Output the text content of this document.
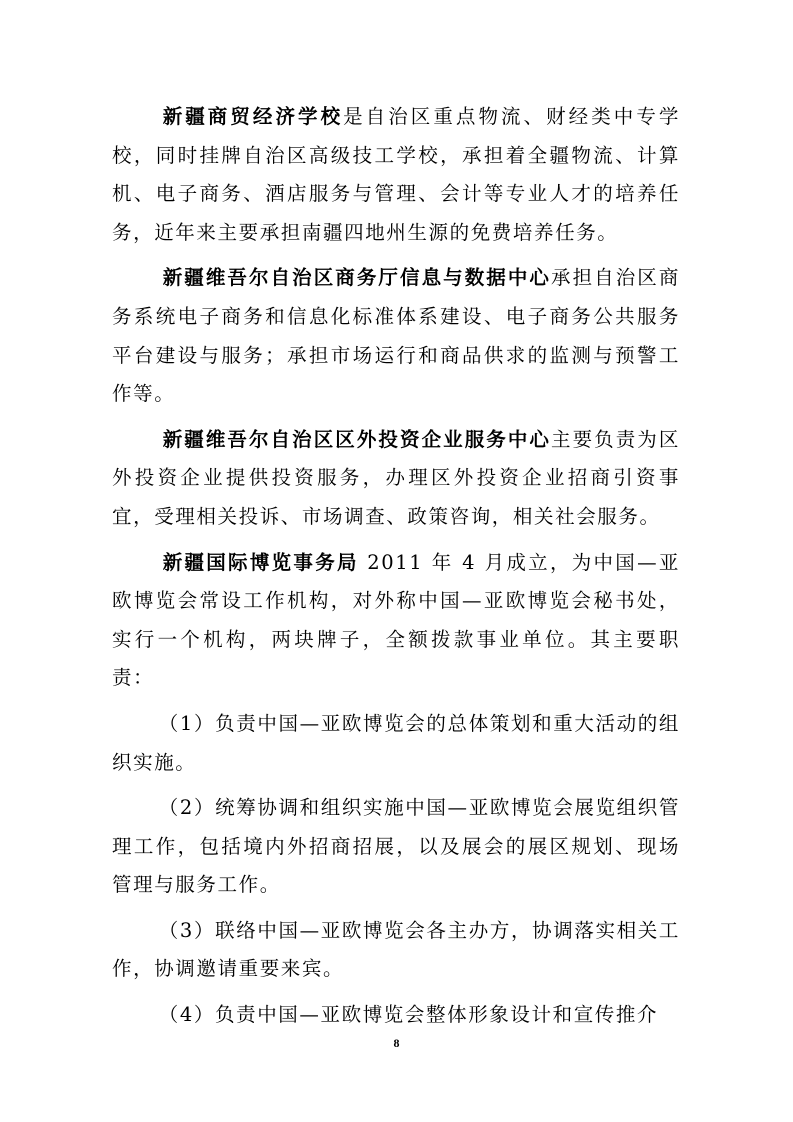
新疆商贸经济学校是自治区重点物流、财经类中专学校，同时挂牌自治区高级技工学校，承担着全疆物流、计算机、电子商务、酒店服务与管理、会计等专业人才的培养任务，近年来主要承担南疆四地州生源的免费培养任务。

新疆维吾尔自治区商务厅信息与数据中心承担自治区商务系统电子商务和信息化标准体系建设、电子商务公共服务平台建设与服务；承担市场运行和商品供求的监测与预警工作等。

新疆维吾尔自治区区外投资企业服务中心主要负责为区外投资企业提供投资服务，办理区外投资企业招商引资事宜，受理相关投诉、市场调查、政策咨询，相关社会服务。

新疆国际博览事务局 2011 年 4 月成立，为中国—亚欧博览会常设工作机构，对外称中国—亚欧博览会秘书处，实行一个机构，两块牌子，全额拨款事业单位。其主要职责：

（1）负责中国—亚欧博览会的总体策划和重大活动的组织实施。

（2）统筹协调和组织实施中国—亚欧博览会展览组织管理工作，包括境内外招商招展，以及展会的展区规划、现场管理与服务工作。

（3）联络中国—亚欧博览会各主办方，协调落实相关工作，协调邀请重要来宾。

（4）负责中国—亚欧博览会整体形象设计和宣传推介

8
